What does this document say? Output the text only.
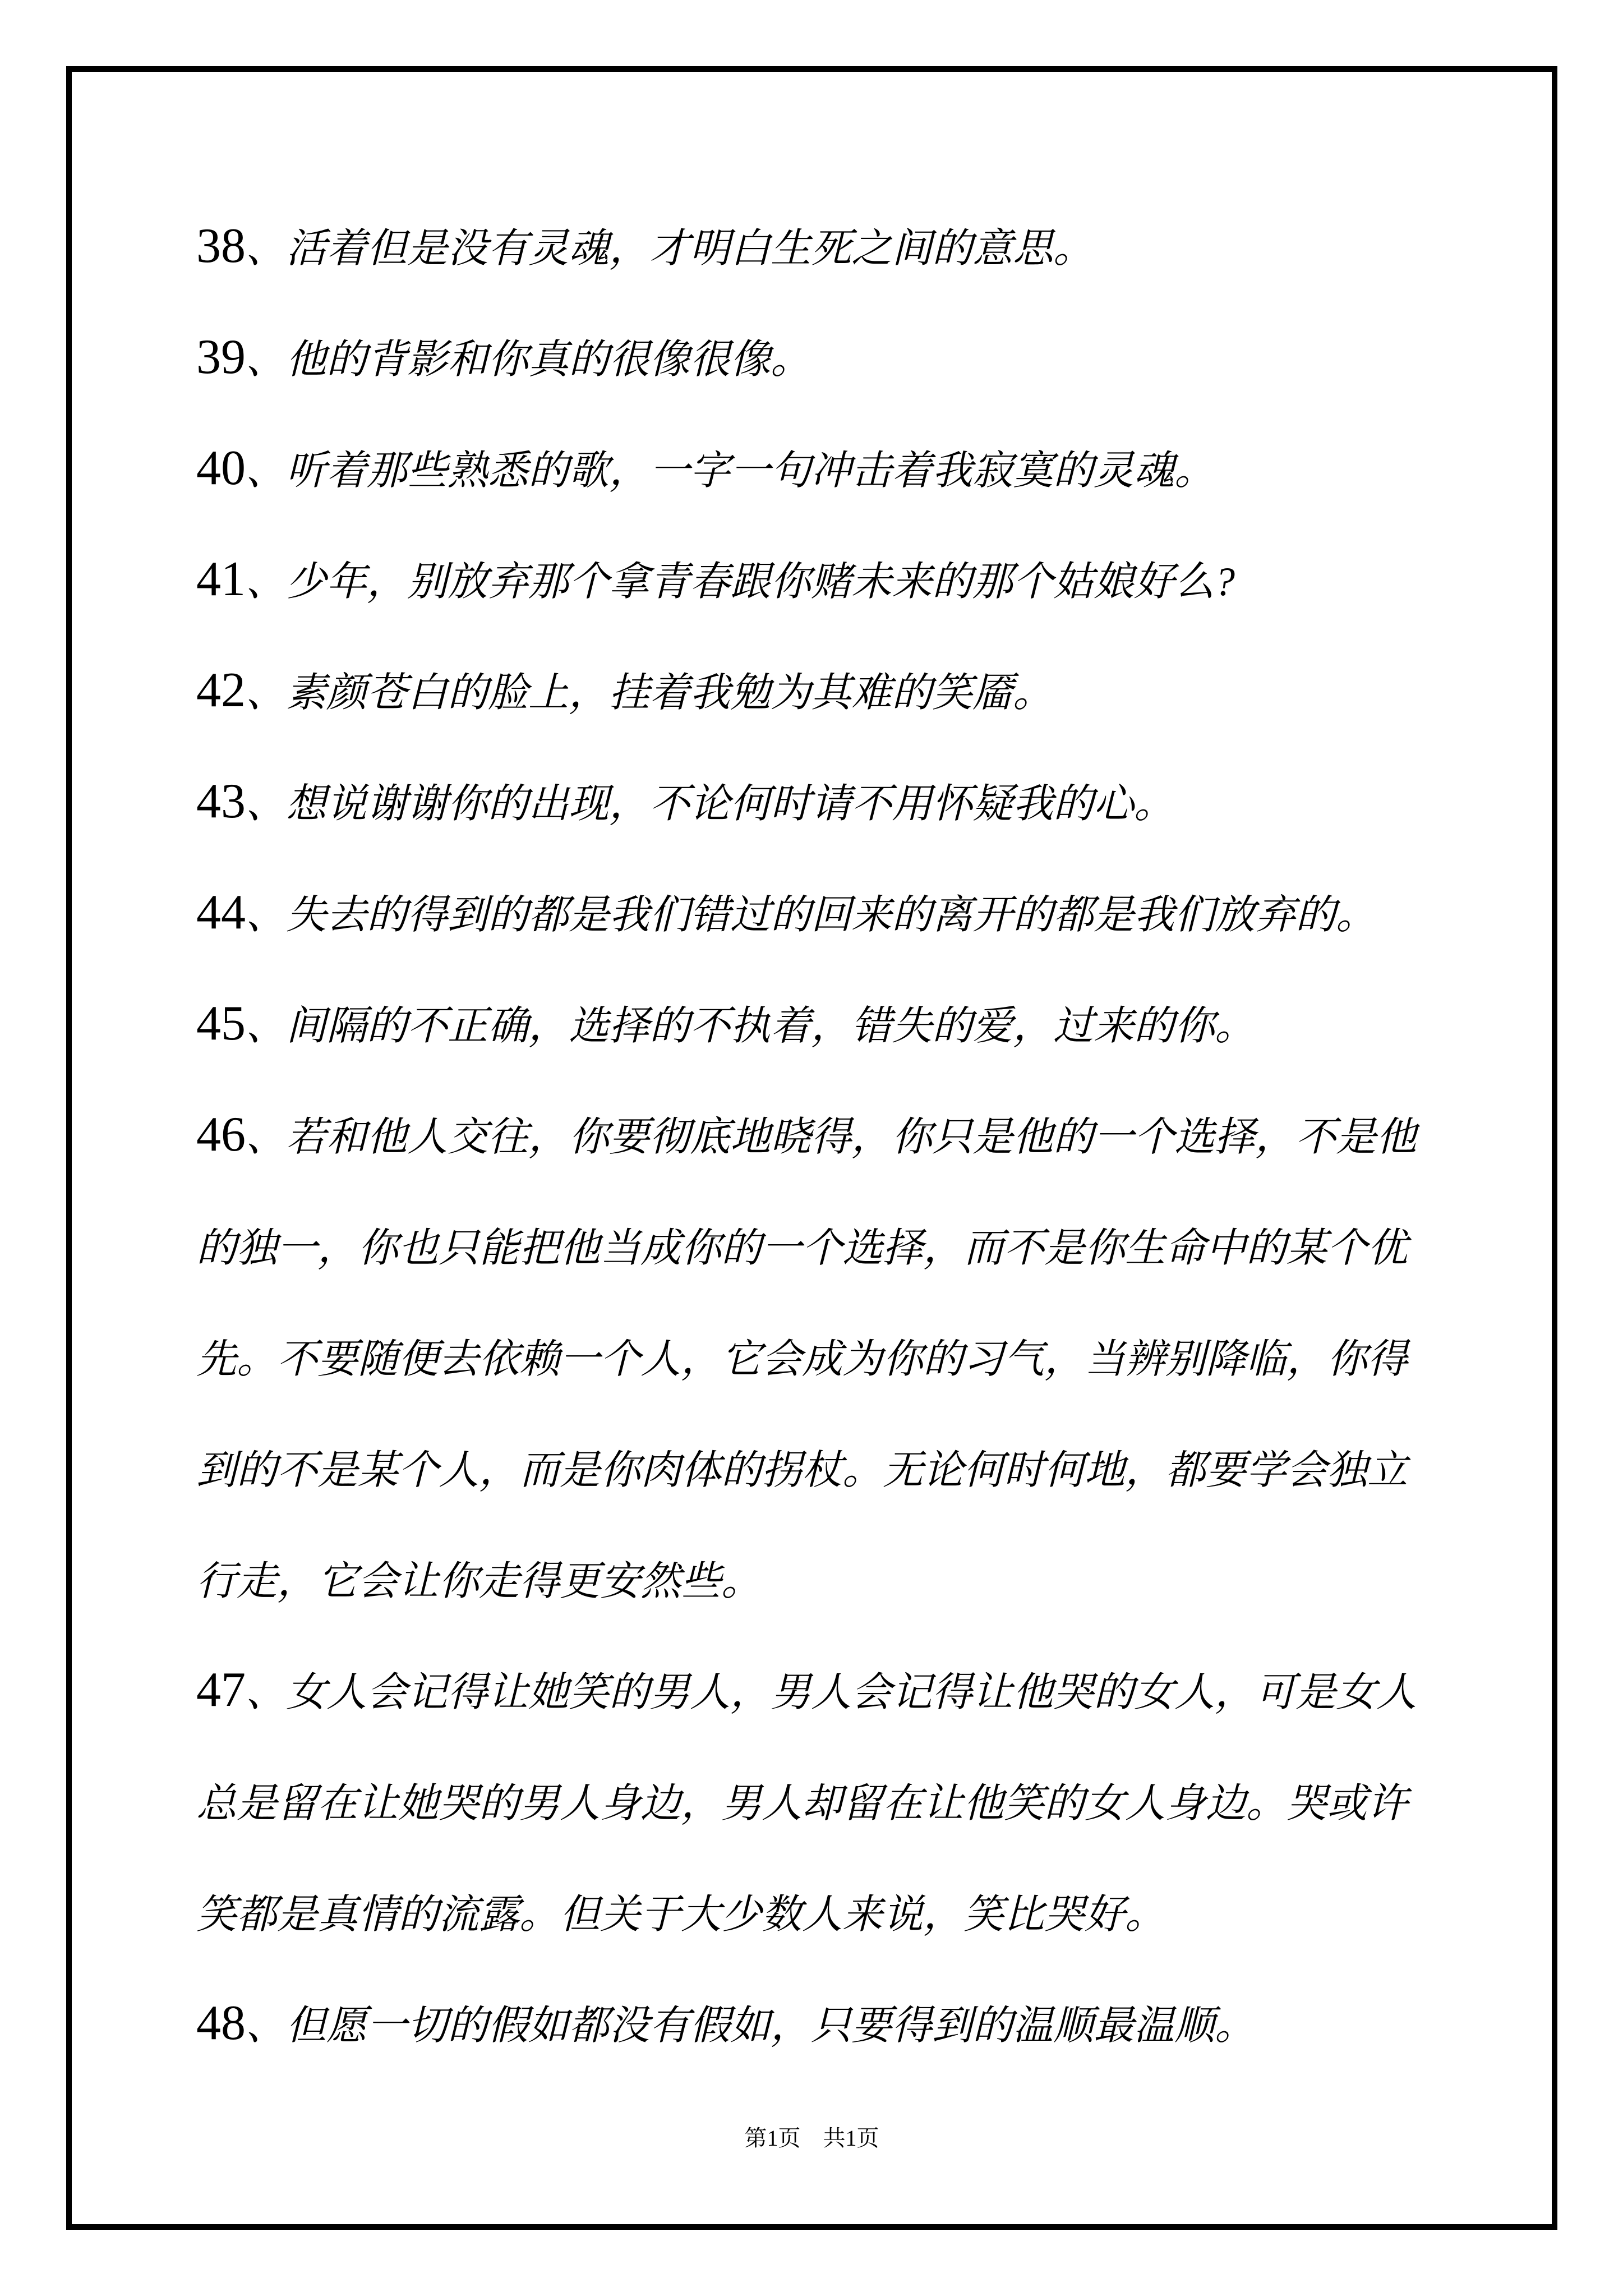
38、活着但是没有灵魂，才明白生死之间的意思。

39、他的背影和你真的很像很像。

40、听着那些熟悉的歌，一字一句冲击着我寂寞的灵魂。

41、少年，别放弃那个拿青春跟你赌未来的那个姑娘好么?

42、素颜苍白的脸上，挂着我勉为其难的笑靥。

43、想说谢谢你的出现，不论何时请不用怀疑我的心。

44、失去的得到的都是我们错过的回来的离开的都是我们放弃的。

45、间隔的不正确，选择的不执着，错失的爱，过来的你。

46、若和他人交往，你要彻底地晓得，你只是他的一个选择，不是他的独一，你也只能把他当成你的一个选择，而不是你生命中的某个优先。不要随便去依赖一个人，它会成为你的习气，当辨别降临，你得到的不是某个人，而是你肉体的拐杖。无论何时何地，都要学会独立行走，它会让你走得更安然些。

47、女人会记得让她笑的男人，男人会记得让他哭的女人，可是女人总是留在让她哭的男人身边，男人却留在让他笑的女人身边。哭或许笑都是真情的流露。但关于大少数人来说，笑比哭好。

48、但愿一切的假如都没有假如，只要得到的温顺最温顺。

第1页　共1页
